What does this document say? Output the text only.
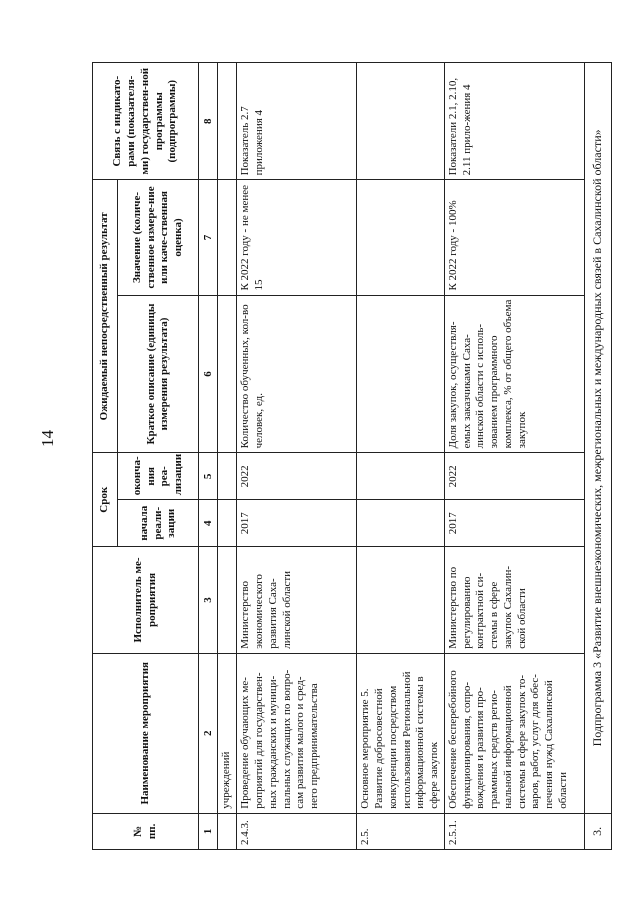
14
№ пп.	Наименование мероприятия	Исполнитель ме-роприятия	Срок		Ожидаемый непосредственный результат		Связь с индикато-рами (показателя-ми) государствен-ной программы (подпрограммы)
			начала реали-зации	оконча-ния реа-лизации	Краткое описание (единицы измерения результата)	Значение (количе-ственное измере-ние или каче-ственная оценка)	
1	2	3	4	5	6	7	8
	учреждений						
2.4.3.	Проведение обучающих ме-роприятий для государствен-ных гражданских и муници-пальных служащих по вопро-сам развития малого и сред-него предпринимательства	Министерство экономического развития Саха-линской области	2017	2022	Количество обученных, кол-во человек, ед.	К 2022 году - не менее 15	Показатель 2.7 приложения 4
2.5.	Основное мероприятие 5. Развитие добросовестной конкуренции посредством использования Региональной информационной системы в сфере закупок						
2.5.1.	Обеспечение бесперебойного функционирования, сопро-вождения и развития про-граммных средств регио-нальной информационной системы в сфере закупок то-варов, работ, услуг для обес-печения нужд Сахалинской области	Министерство по регулированию контрактной си-стемы в сфере закупок Сахалин-ской области	2017	2022	Доля закупок, осуществля-емых заказчиками Саха-линской области с исполь-зованием программного комплекса, % от общего объема закупок	К 2022 году - 100%	Показатели 2.1, 2.10, 2.11 прило-жения 4
3.	Подпрограмма 3 «Развитие внешнеэкономических, межрегиональных и международных связей в Сахалинской области»						
